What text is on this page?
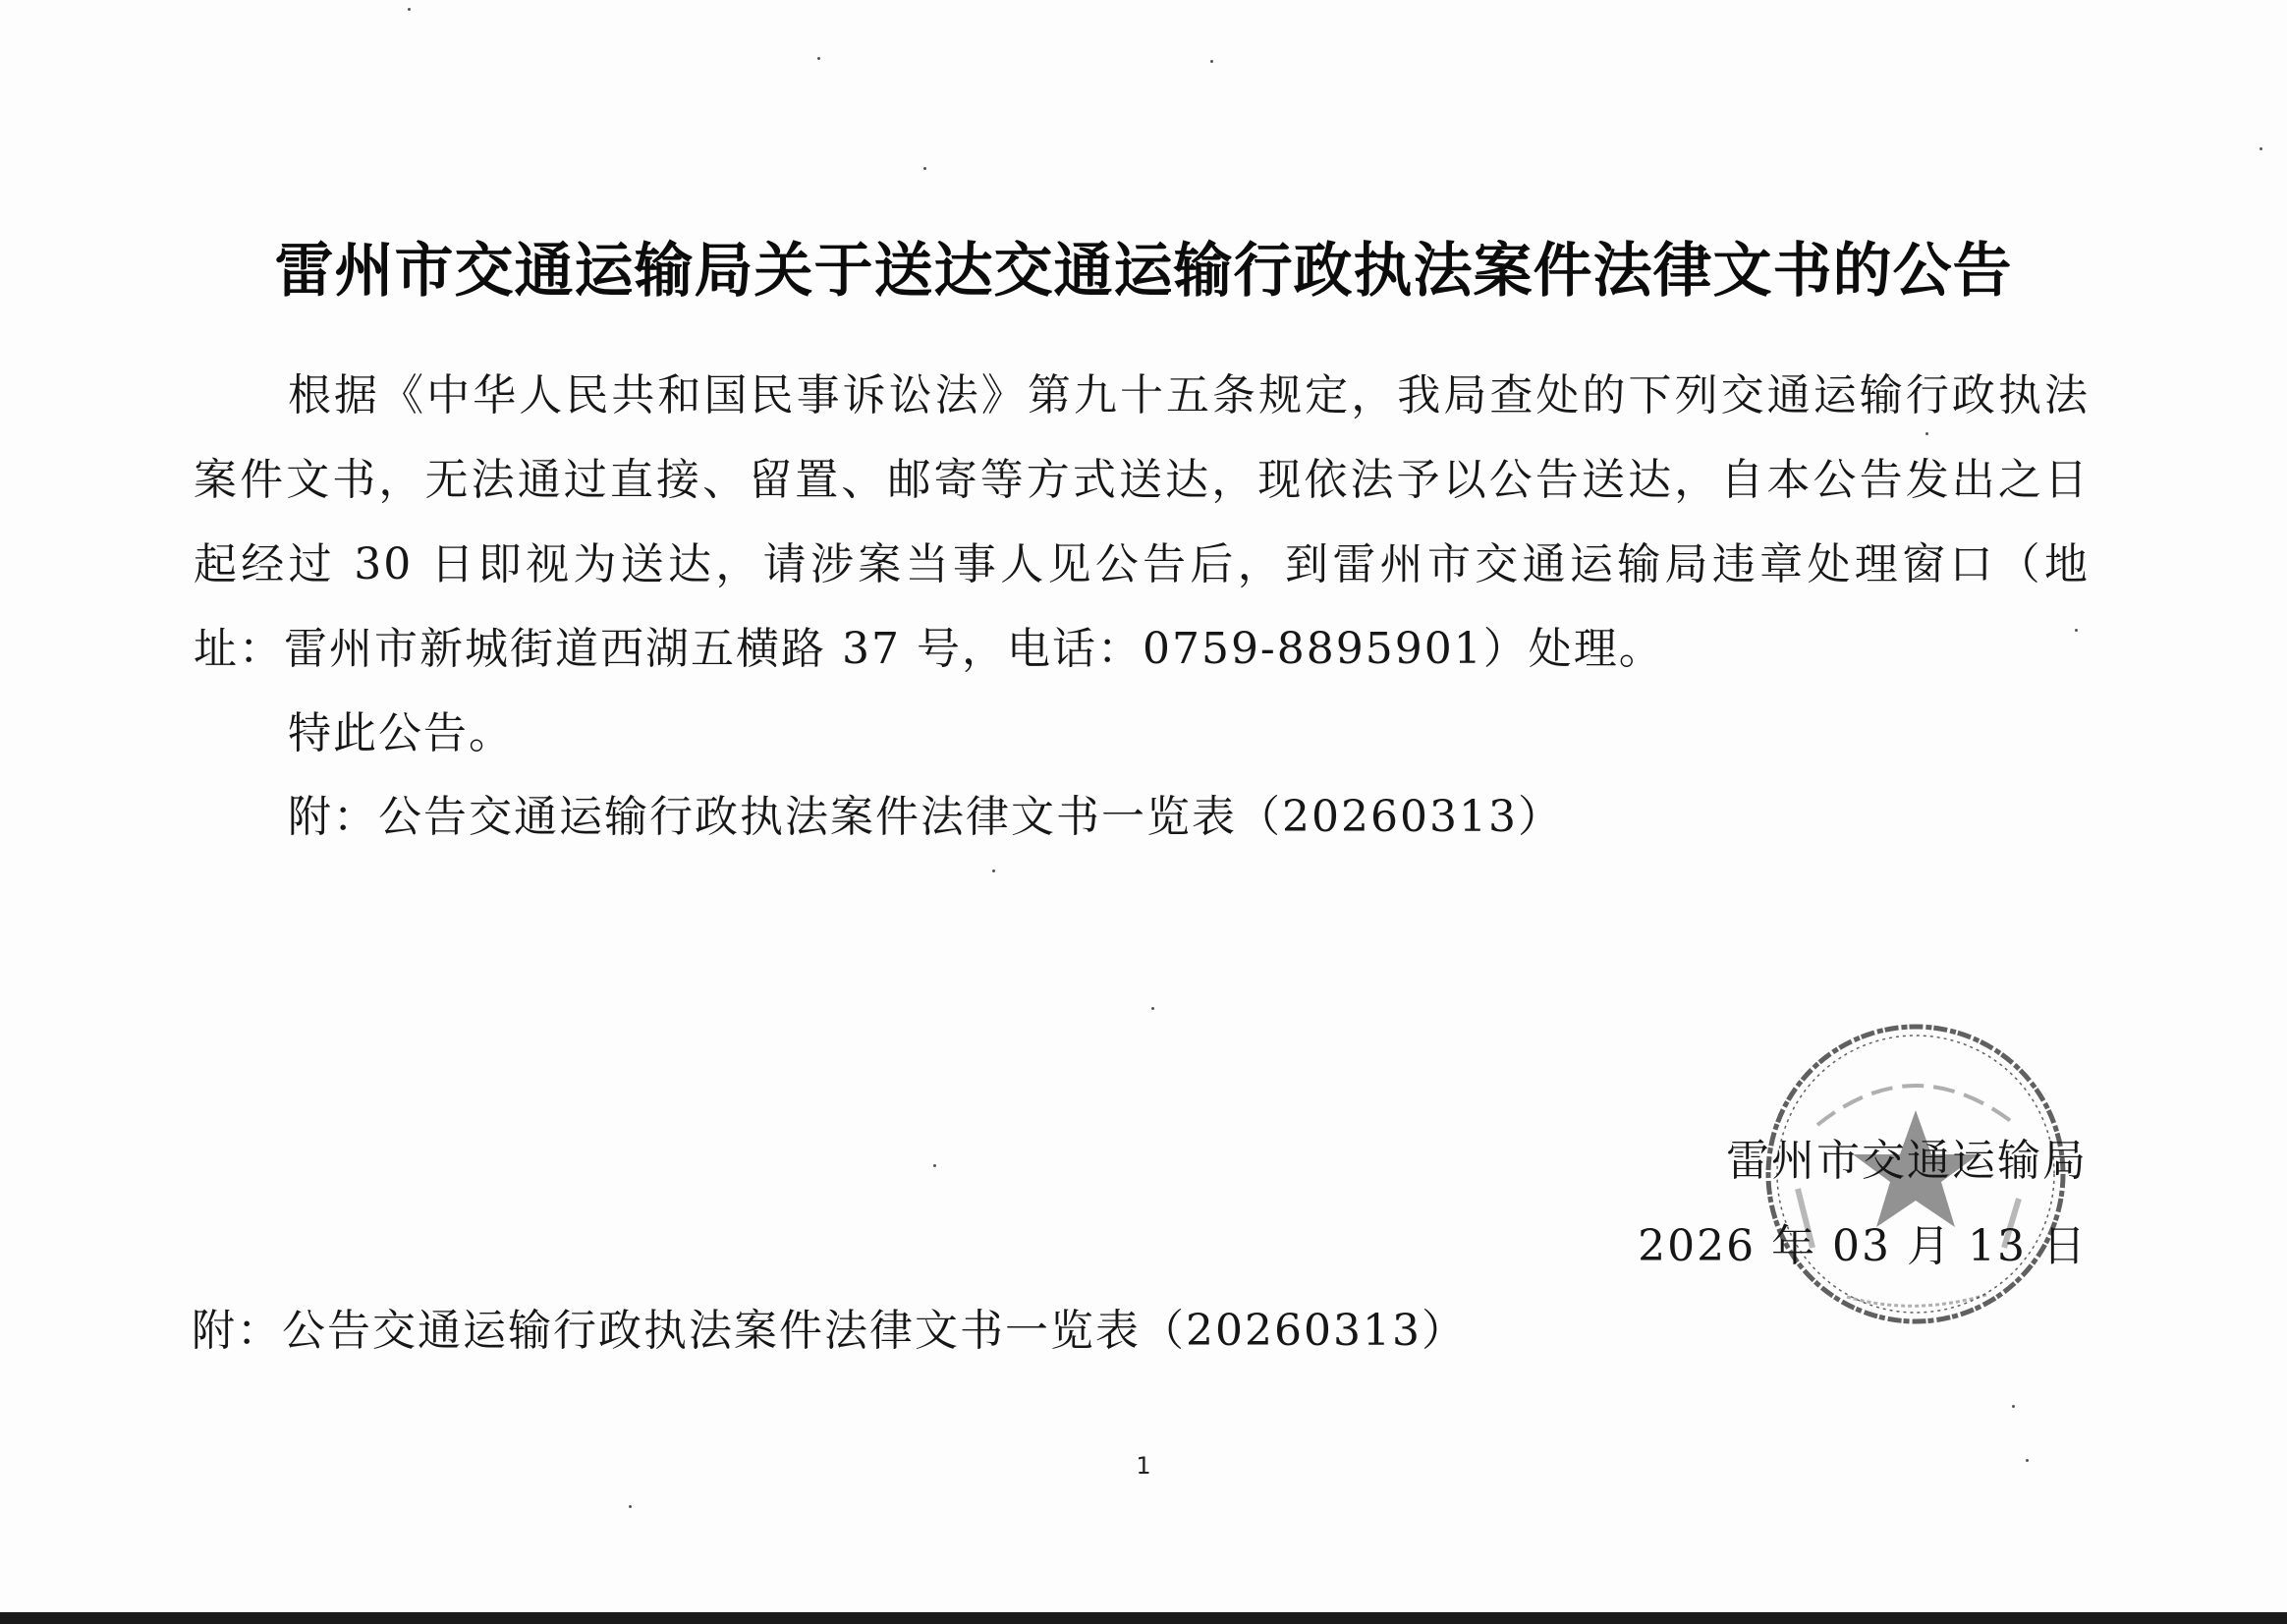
雷州市交通运输局关于送达交通运输行政执法案件法律文书的公告
根据《中华人民共和国民事诉讼法》第九十五条规定，我局查处的下列交通运输行政执法案件文书，无法通过直接、留置、邮寄等方式送达，现依法予以公告送达，自本公告发出之日起经过 30 日即视为送达，请涉案当事人见公告后，到雷州市交通运输局违章处理窗口（地址：雷州市新城街道西湖五横路 37 号，电话：0759-8895901）处理。
特此公告。
附：公告交通运输行政执法案件法律文书一览表（20260313）
雷州市交通运输局
2026 年 03 月 13 日
附：公告交通运输行政执法案件法律文书一览表（20260313）
1
